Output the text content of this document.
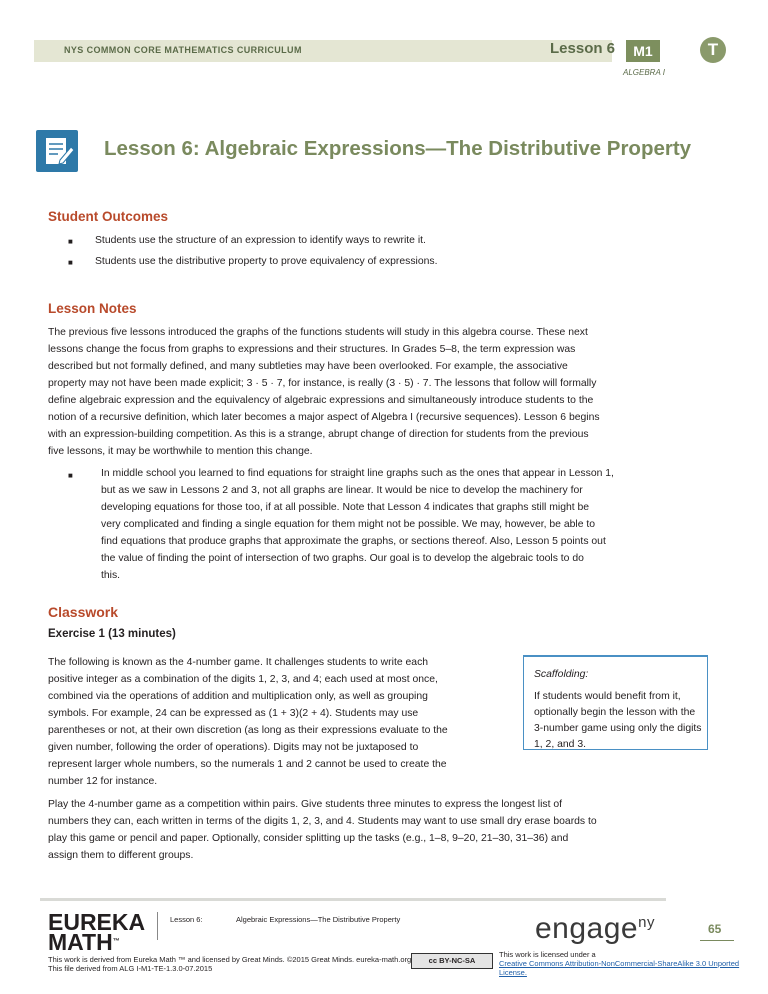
NYS COMMON CORE MATHEMATICS CURRICULUM	Lesson 6	M1
ALGEBRA I
T
Lesson 6: Algebraic Expressions—The Distributive Property
Student Outcomes
■ Students use the structure of an expression to identify ways to rewrite it.
■ Students use the distributive property to prove equivalency of expressions.
Lesson Notes
The previous five lessons introduced the graphs of the functions students will study in this algebra course. These next
lessons change the focus from graphs to expressions and their structures. In Grades 5–8, the term expression was
described but not formally defined, and many subtleties may have been overlooked. For example, the associative
property may not have been made explicit; 3 · 5 · 7, for instance, is really (3 · 5) · 7. The lessons that follow will formally
define algebraic expression and the equivalency of algebraic expressions and simultaneously introduce students to the
notion of a recursive definition, which later becomes a major aspect of Algebra I (recursive sequences). Lesson 6 begins
with an expression-building competition. As this is a strange, abrupt change of direction for students from the previous
five lessons, it may be worthwhile to mention this change.
■	In middle school you learned to find equations for straight line graphs such as the ones that appear in Lesson 1,
but as we saw in Lessons 2 and 3, not all graphs are linear. It would be nice to develop the machinery for
developing equations for those too, if at all possible. Note that Lesson 4 indicates that graphs still might be
very complicated and finding a single equation for them might not be possible. We may, however, be able to
find equations that produce graphs that approximate the graphs, or sections thereof. Also, Lesson 5 points out
the value of finding the point of intersection of two graphs. Our goal is to develop the algebraic tools to do
this.
Classwork
Exercise 1 (13 minutes)
The following is known as the 4-number game. It challenges students to write each
positive integer as a combination of the digits 1, 2, 3, and 4; each used at most once,
combined via the operations of addition and multiplication only, as well as grouping
symbols. For example, 24 can be expressed as (1 + 3)(2 + 4). Students may use
parentheses or not, at their own discretion (as long as their expressions evaluate to the
given number, following the order of operations). Digits may not be juxtaposed to
represent larger whole numbers, so the numerals 1 and 2 cannot be used to create the
number 12 for instance.
Scaffolding:
If students would benefit from it, optionally begin the lesson with the 3-number game using only the digits 1, 2, and 3.
Play the 4-number game as a competition within pairs. Give students three minutes to express the longest list of
numbers they can, each written in terms of the digits 1, 2, 3, and 4. Students may want to use small dry erase boards to
play this game or pencil and paper. Optionally, consider splitting up the tasks (e.g., 1–8, 9–20, 21–30, 31–36) and
assign them to different groups.
EUREKA
MATH™
Lesson 6:	Algebraic Expressions—The Distributive Property
This work is derived from Eureka Math ™ and licensed by Great Minds. ©2015 Great Minds. eureka-math.org
This file derived from ALG I-M1-TE-1.3.0-07.2015
cc BY-NC-SA
This work is licensed under a
Creative Commons Attribution-NonCommercial-ShareAlike 3.0 Unported License.
engage$^{ny}$	65
